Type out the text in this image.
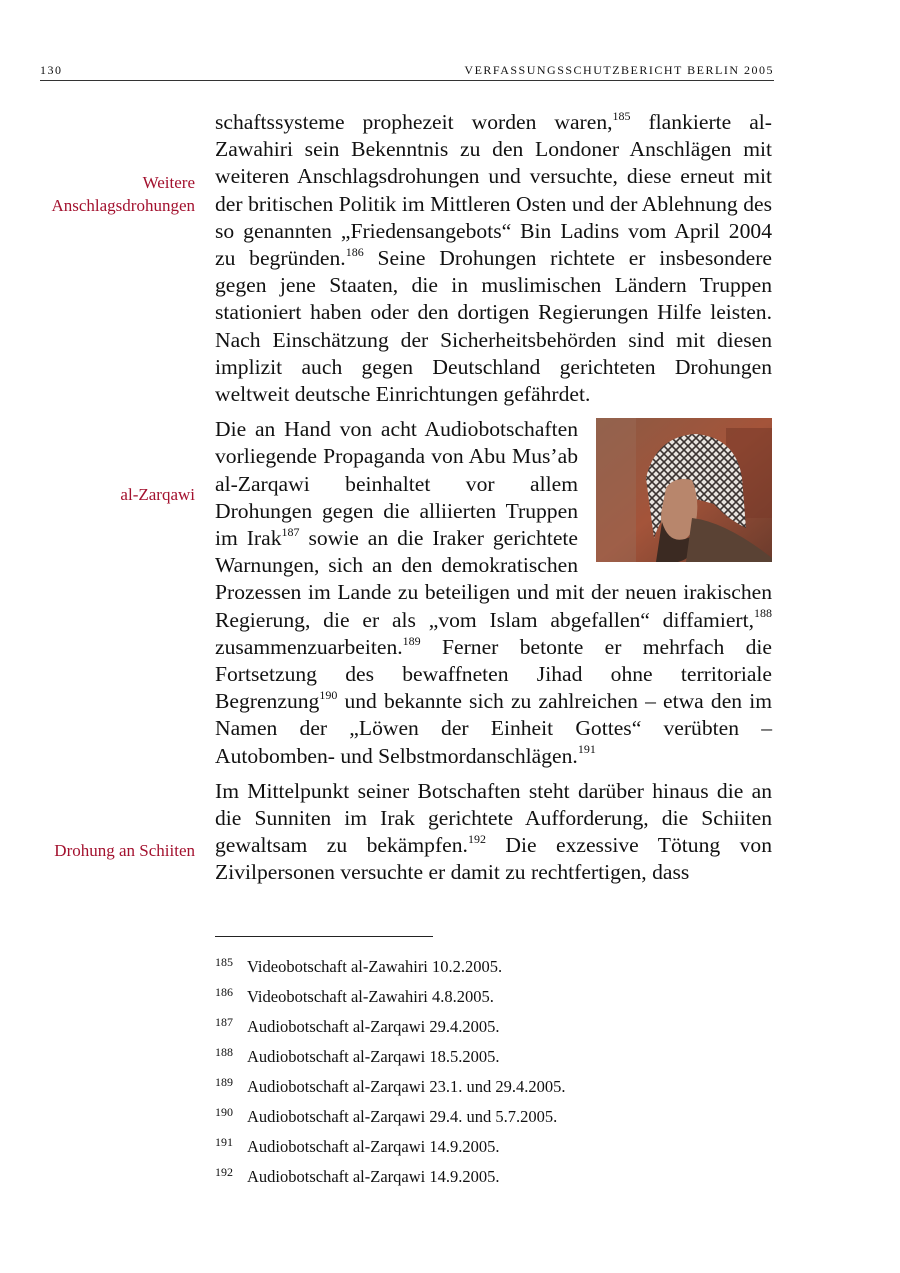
130	VERFASSUNGSSCHUTZBERICHT BERLIN 2005
Weitere
Anschlagsdrohungen
al-Zarqawi
Drohung an Schiiten

schaftssysteme prophezeit worden waren,$^{185}$ flankierte al-Zawahiri sein Bekenntnis zu den Londoner Anschlägen mit weiteren Anschlagsdrohungen und versuchte, diese erneut mit der britischen Politik im Mittleren Osten und der Ablehnung des so genannten „Friedensangebots“ Bin Ladins vom April 2004 zu begründen.$^{186}$ Seine Drohungen richtete er insbesondere gegen jene Staaten, die in muslimischen Ländern Truppen stationiert haben oder den dortigen Regierungen Hilfe leisten. Nach Einschätzung der Sicherheitsbehörden sind mit diesen implizit auch gegen Deutschland gerichteten Drohungen weltweit deutsche Einrichtungen gefährdet.

Die an Hand von acht Audiobotschaften vorliegende Propaganda von Abu Mus’ab al-Zarqawi beinhaltet vor allem Drohungen gegen die alliierten Truppen im Irak$^{187}$ sowie an die Iraker gerichtete Warnungen, sich an den demokratischen Prozessen im Lande zu beteiligen und mit der neuen irakischen Regierung, die er als „vom Islam abgefallen“ diffamiert,$^{188}$ zusammenzuarbeiten.$^{189}$ Ferner betonte er mehrfach die Fortsetzung des bewaffneten Jihad ohne territoriale Begrenzung$^{190}$ und bekannte sich zu zahlreichen – etwa den im Namen der „Löwen der Einheit Gottes“ verübten – Autobomben- und Selbstmordanschlägen.$^{191}$

Im Mittelpunkt seiner Botschaften steht darüber hinaus die an die Sunniten im Irak gerichtete Aufforderung, die Schiiten gewaltsam zu bekämpfen.$^{192}$ Die exzessive Tötung von Zivilpersonen versuchte er damit zu rechtfertigen, dass

185 Videobotschaft al-Zawahiri 10.2.2005.
186 Videobotschaft al-Zawahiri 4.8.2005.
187 Audiobotschaft al-Zarqawi 29.4.2005.
188 Audiobotschaft al-Zarqawi 18.5.2005.
189 Audiobotschaft al-Zarqawi 23.1. und 29.4.2005.
190 Audiobotschaft al-Zarqawi 29.4. und 5.7.2005.
191 Audiobotschaft al-Zarqawi 14.9.2005.
192 Audiobotschaft al-Zarqawi 14.9.2005.
